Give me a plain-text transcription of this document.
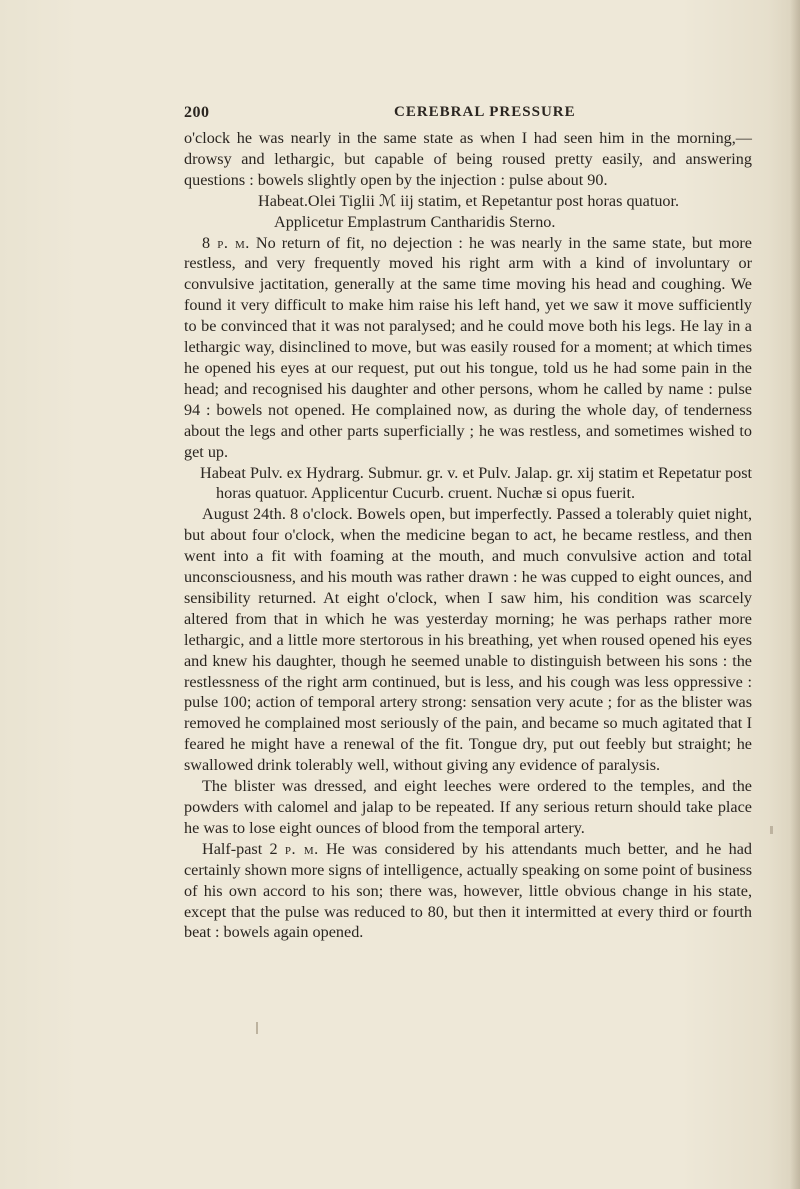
200	CEREBRAL PRESSURE

o'clock he was nearly in the same state as when I had seen him in the morning,—drowsy and lethargic, but capable of being roused pretty easily, and answering questions : bowels slightly open by the injection : pulse about 90.

Habeat.Olei Tiglii ℳ iij statim, et Repetantur post horas quatuor.

Applicetur Emplastrum Cantharidis Sterno.

8 p. m. No return of fit, no dejection : he was nearly in the same state, but more restless, and very frequently moved his right arm with a kind of involuntary or convulsive jactitation, generally at the same time moving his head and coughing. We found it very difficult to make him raise his left hand, yet we saw it move sufficiently to be convinced that it was not paralysed; and he could move both his legs. He lay in a lethargic way, disinclined to move, but was easily roused for a moment; at which times he opened his eyes at our request, put out his tongue, told us he had some pain in the head; and recognised his daughter and other persons, whom he called by name : pulse 94 : bowels not opened. He complained now, as during the whole day, of tenderness about the legs and other parts superficially ; he was restless, and sometimes wished to get up.

Habeat Pulv. ex Hydrarg. Submur. gr. v. et Pulv. Jalap. gr. xij statim et Repetatur post horas quatuor. Applicentur Cucurb. cruent. Nuchæ si opus fuerit.

August 24th. 8 o'clock. Bowels open, but imperfectly. Passed a tolerably quiet night, but about four o'clock, when the medicine began to act, he became restless, and then went into a fit with foaming at the mouth, and much convulsive action and total unconsciousness, and his mouth was rather drawn : he was cupped to eight ounces, and sensibility returned. At eight o'clock, when I saw him, his condition was scarcely altered from that in which he was yesterday morning; he was perhaps rather more lethargic, and a little more stertorous in his breathing, yet when roused opened his eyes and knew his daughter, though he seemed unable to distinguish between his sons : the restlessness of the right arm continued, but is less, and his cough was less oppressive : pulse 100; action of temporal artery strong: sensation very acute ; for as the blister was removed he complained most seriously of the pain, and became so much agitated that I feared he might have a renewal of the fit. Tongue dry, put out feebly but straight; he swallowed drink tolerably well, without giving any evidence of paralysis.

The blister was dressed, and eight leeches were ordered to the temples, and the powders with calomel and jalap to be repeated. If any serious return should take place he was to lose eight ounces of blood from the temporal artery.

Half-past 2 p. m. He was considered by his attendants much better, and he had certainly shown more signs of intelligence, actually speaking on some point of business of his own accord to his son; there was, however, little obvious change in his state, except that the pulse was reduced to 80, but then it intermitted at every third or fourth beat : bowels again opened.
